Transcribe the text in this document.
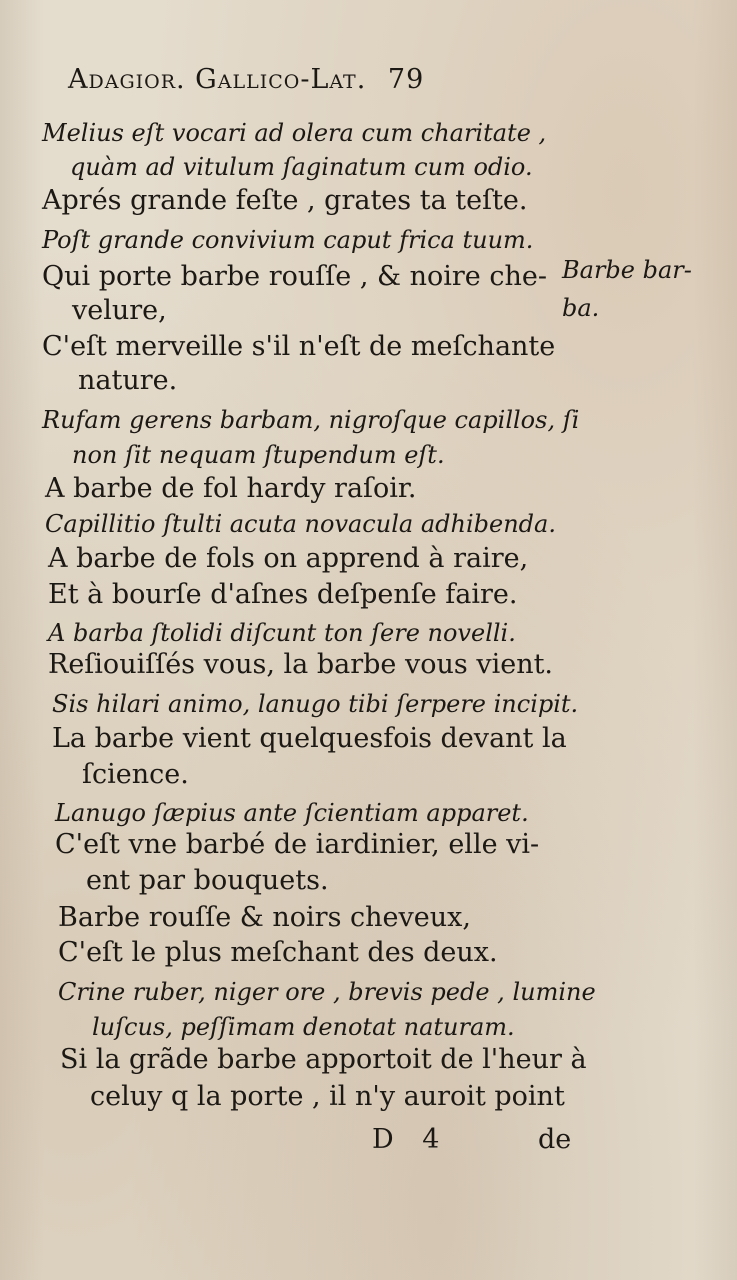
Adagior. Gallico-Lat. 79
Melius eſt vocari ad olera cum charitate ,
quàm ad vitulum ſaginatum cum odio.
Aprés grande feſte , grates ta teſte.
Poſt grande convivium caput frica tuum.
Qui porte barbe rouſſe , & noire che-
velure,
C'eſt merveille s'il n'eſt de meſchante
nature.
Rufam gerens barbam, nigroſque capillos, ſi
non ſit nequam ſtupendum eſt.
A barbe de fol hardy raſoir.
Capillitio ſtulti acuta novacula adhibenda.
A barbe de fols on apprend à raire,
Et à bourſe d'aſnes deſpenſe faire.
A barba ſtolidi diſcunt ton ſere novelli.
Reſiouiſſés vous, la barbe vous vient.
Sis hilari animo, lanugo tibi ſerpere incipit.
La barbe vient quelquesfois devant la
ſcience.
Lanugo ſæpius ante ſcientiam apparet.
C'eſt vne barbé de iardinier, elle vi-
ent par bouquets.
Barbe rouſſe & noirs cheveux,
C'eſt le plus meſchant des deux.
Crine ruber, niger ore , brevis pede , lumine
luſcus, peſſimam denotat naturam.
Si la grãde barbe apportoit de l'heur à
celuy q la porte , il n'y auroit point
Barbe bar-
ba.
D 4	de
